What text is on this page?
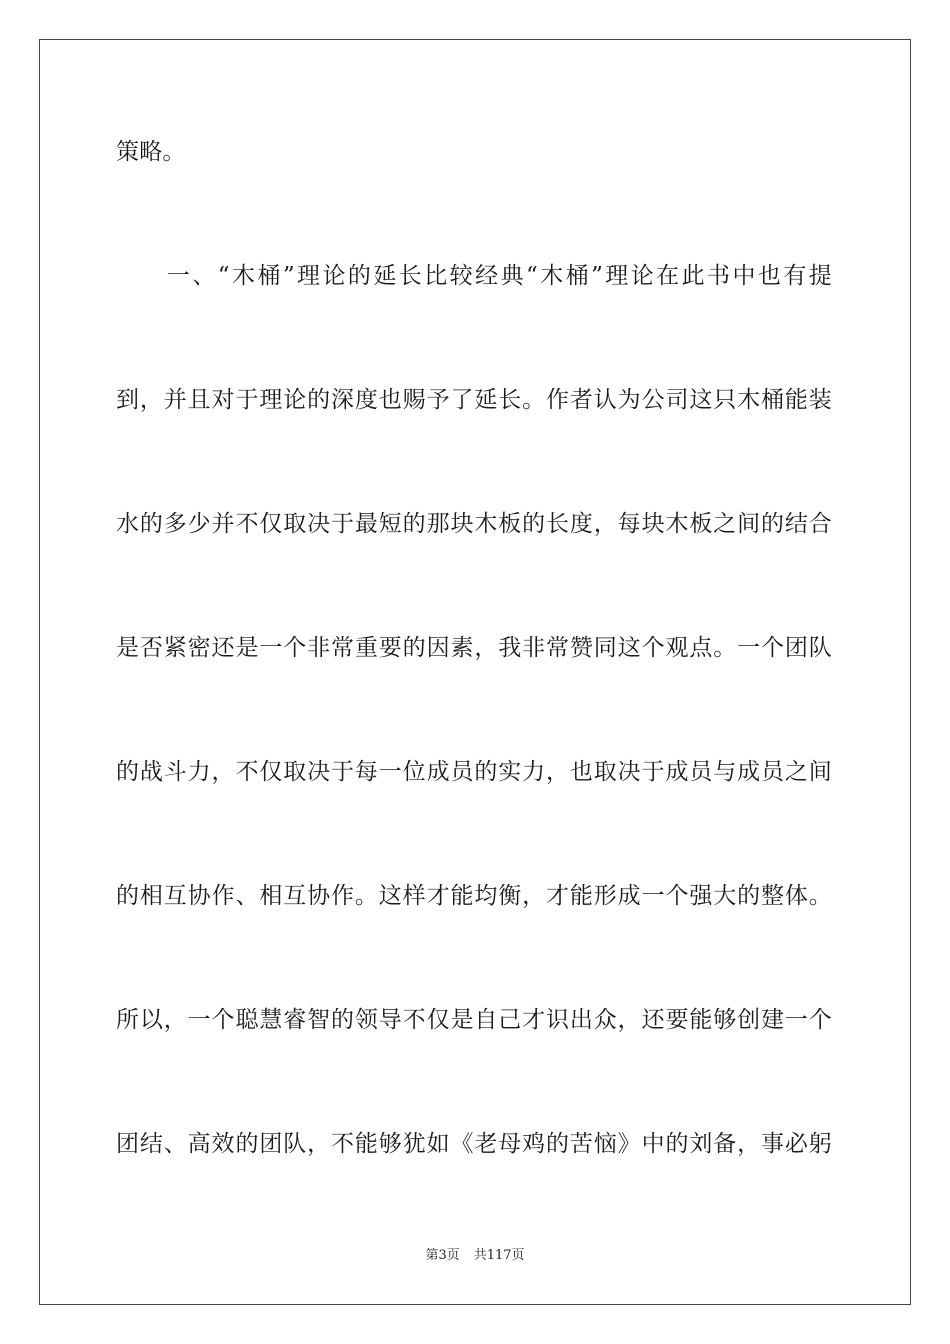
策略。
　　一、“木桶”理论的延长比较经典“木桶”理论在此书中也有提
到，并且对于理论的深度也赐予了延长。作者认为公司这只木桶能装
水的多少并不仅取决于最短的那块木板的长度，每块木板之间的结合
是否紧密还是一个非常重要的因素，我非常赞同这个观点。一个团队
的战斗力，不仅取决于每一位成员的实力，也取决于成员与成员之间
的相互协作、相互协作。这样才能均衡，才能形成一个强大的整体。
所以，一个聪慧睿智的领导不仅是自己才识出众，还要能够创建一个
团结、高效的团队，不能够犹如《老母鸡的苦恼》中的刘备，事必躬
第3页 共117页
